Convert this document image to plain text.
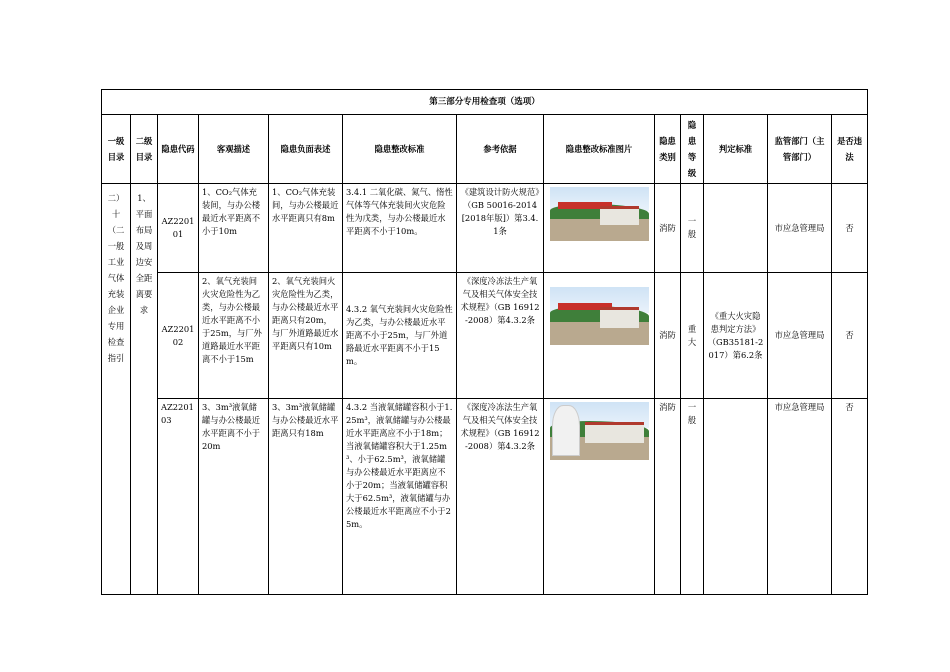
第三部分专用检查项（选项）												
一级目录	二级目录	隐患代码	客观描述	隐患负面表述	隐患整改标准	参考依据	隐患整改标准图片	隐患类别	隐患等级	判定标准	监管部门（主管部门）	是否违法
二）十（二一般工业气体充装企业专用检查指引	1、平面布局及周边安全距离要求	AZ220101	1、CO₂气体充装间，与办公楼最近水平距离不小于10m	1、CO₂气体充装间，与办公楼最近水平距离只有8m	3.4.1 二氧化碳、氮气、惰性气体等气体充装间火灾危险性为戊类，与办公楼最近水平距离不小于10m。	《建筑设计防火规范》（GB 50016-2014[2018年版]）第3.4.1条		消防	一般		市应急管理局	否
		AZ220102	2、氧气充装间火灾危险性为乙类，与办公楼最近水平距离不小于25m，与厂外道路最近水平距离不小于15m	2、氧气充装间火灾危险性为乙类，与办公楼最近水平距离只有20m，与厂外道路最近水平距离只有10m	4.3.2 氧气充装间火灾危险性为乙类，与办公楼最近水平距离不小于25m，与厂外道路最近水平距离不小于15m。	《深度冷冻法生产氧气及相关气体安全技术规程》（GB 16912-2008）第4.3.2条		消防	重大	《重大火灾隐患判定方法》（GB35181-2017）第6.2条	市应急管理局	否
		AZ220103	3、3m³液氧储罐与办公楼最近水平距离不小于20m	3、3m³液氧储罐与办公楼最近水平距离只有18m	4.3.2 当液氧储罐容积小于1.25m³，液氧储罐与办公楼最近水平距离应不小于18m；当液氧储罐容积大于1.25m³、小于62.5m³，液氧储罐与办公楼最近水平距离应不小于20m；当液氧储罐容积大于62.5m³，液氧储罐与办公楼最近水平距离应不小于25m。	《深度冷冻法生产氧气及相关气体安全技术规程》（GB 16912-2008）第4.3.2条		消防	一般		市应急管理局	否
